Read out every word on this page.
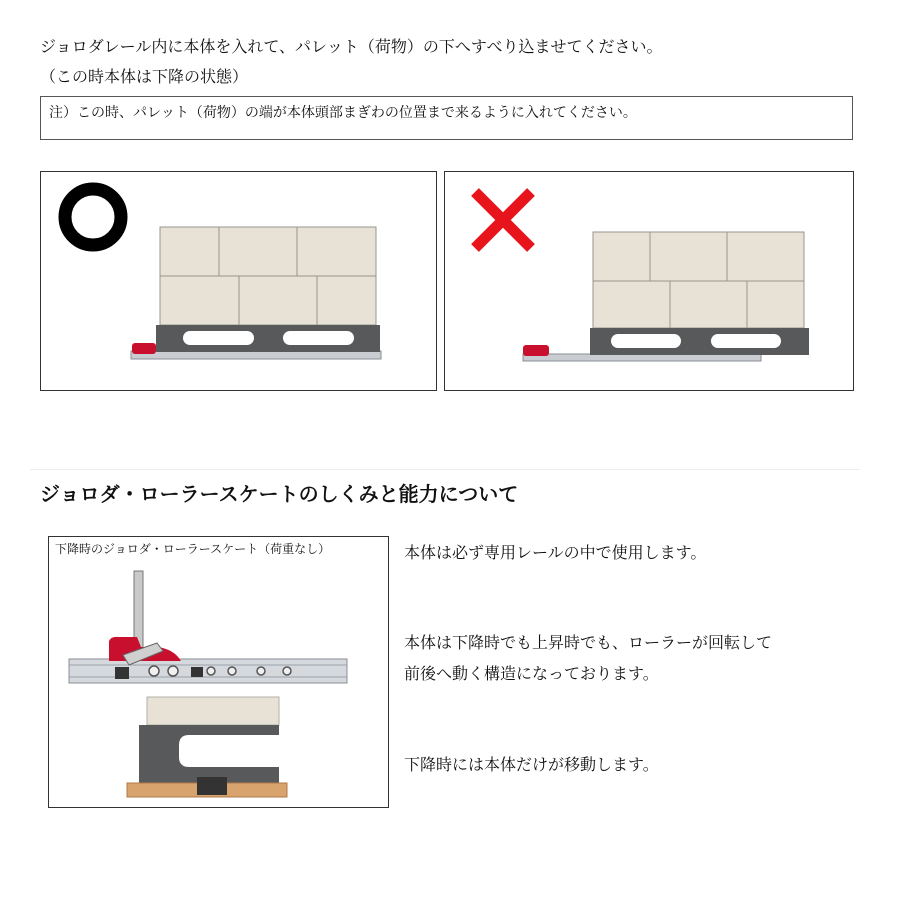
ジョロダレール内に本体を入れて、パレット（荷物）の下へすべり込ませてください。
（この時本体は下降の状態）
注）この時、パレット（荷物）の端が本体頭部まぎわの位置まで来るように入れてください。
ジョロダ・ローラースケートのしくみと能力について
下降時のジョロダ・ローラースケート（荷重なし）	本体は必ず専用レールの中で使用します。
本体は下降時でも上昇時でも、ローラーが回転して
前後へ動く構造になっております。
下降時には本体だけが移動します。
